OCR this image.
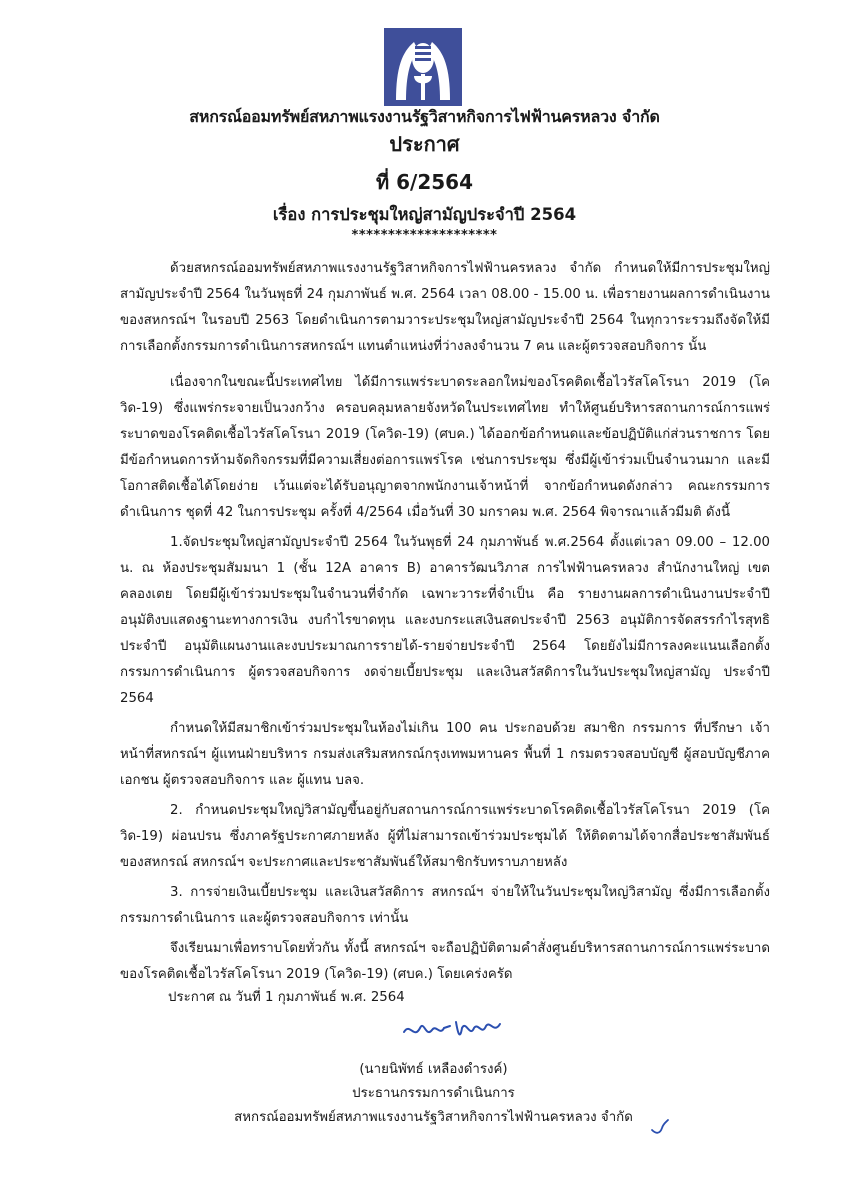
สหกรณ์ออมทรัพย์สหภาพแรงงานรัฐวิสาหกิจการไฟฟ้านครหลวง จำกัด
ประกาศ
ที่ 6/2564
เรื่อง การประชุมใหญ่สามัญประจำปี 2564
********************

ด้วยสหกรณ์ออมทรัพย์สหภาพแรงงานรัฐวิสาหกิจการไฟฟ้านครหลวง จำกัด กำหนดให้มีการประชุมใหญ่สามัญประจำปี 2564 ในวันพุธที่ 24 กุมภาพันธ์ พ.ศ. 2564 เวลา 08.00 - 15.00 น. เพื่อรายงานผลการดำเนินงานของสหกรณ์ฯ ในรอบปี 2563 โดยดำเนินการตามวาระประชุมใหญ่สามัญประจำปี 2564 ในทุกวาระรวมถึงจัดให้มีการเลือกตั้งกรรมการดำเนินการสหกรณ์ฯ แทนตำแหน่งที่ว่างลงจำนวน 7 คน และผู้ตรวจสอบกิจการ นั้น

เนื่องจากในขณะนี้ประเทศไทย ได้มีการแพร่ระบาดระลอกใหม่ของโรคติดเชื้อไวรัสโคโรนา 2019 (โควิด-19) ซึ่งแพร่กระจายเป็นวงกว้าง ครอบคลุมหลายจังหวัดในประเทศไทย ทำให้ศูนย์บริหารสถานการณ์การแพร่ระบาดของโรคติดเชื้อไวรัสโคโรนา 2019 (โควิด-19) (ศบค.) ได้ออกข้อกำหนดและข้อปฏิบัติแก่ส่วนราชการ โดยมีข้อกำหนดการห้ามจัดกิจกรรมที่มีความเสี่ยงต่อการแพร่โรค เช่นการประชุม ซึ่งมีผู้เข้าร่วมเป็นจำนวนมาก และมีโอกาสติดเชื้อได้โดยง่าย เว้นแต่จะได้รับอนุญาตจากพนักงานเจ้าหน้าที่ จากข้อกำหนดดังกล่าว คณะกรรมการดำเนินการ ชุดที่ 42 ในการประชุม ครั้งที่ 4/2564 เมื่อวันที่ 30 มกราคม พ.ศ. 2564 พิจารณาแล้วมีมติ ดังนี้

1.จัดประชุมใหญ่สามัญประจำปี 2564 ในวันพุธที่ 24 กุมภาพันธ์ พ.ศ.2564 ตั้งแต่เวลา 09.00 – 12.00 น. ณ ห้องประชุมสัมมนา 1 (ชั้น 12A อาคาร B) อาคารวัฒนวิภาส การไฟฟ้านครหลวง สำนักงานใหญ่ เขตคลองเตย โดยมีผู้เข้าร่วมประชุมในจำนวนที่จำกัด เฉพาะวาระที่จำเป็น คือ รายงานผลการดำเนินงานประจำปี อนุมัติงบแสดงฐานะทางการเงิน งบกำไรขาดทุน และงบกระแสเงินสดประจำปี 2563 อนุมัติการจัดสรรกำไรสุทธิประจำปี อนุมัติแผนงานและงบประมาณการรายได้-รายจ่ายประจำปี 2564 โดยยังไม่มีการลงคะแนนเลือกตั้งกรรมการดำเนินการ ผู้ตรวจสอบกิจการ งดจ่ายเบี้ยประชุม และเงินสวัสดิการในวันประชุมใหญ่สามัญ ประจำปี 2564

กำหนดให้มีสมาชิกเข้าร่วมประชุมในห้องไม่เกิน 100 คน ประกอบด้วย สมาชิก กรรมการ ที่ปรึกษา เจ้าหน้าที่สหกรณ์ฯ ผู้แทนฝ่ายบริหาร กรมส่งเสริมสหกรณ์กรุงเทพมหานคร พื้นที่ 1 กรมตรวจสอบบัญชี ผู้สอบบัญชีภาคเอกชน ผู้ตรวจสอบกิจการ และ ผู้แทน บลจ.

2. กำหนดประชุมใหญ่วิสามัญขึ้นอยู่กับสถานการณ์การแพร่ระบาดโรคติดเชื้อไวรัสโคโรนา 2019 (โควิด-19) ผ่อนปรน ซึ่งภาครัฐประกาศภายหลัง ผู้ที่ไม่สามารถเข้าร่วมประชุมได้ ให้ติดตามได้จากสื่อประชาสัมพันธ์ของสหกรณ์ สหกรณ์ฯ จะประกาศและประชาสัมพันธ์ให้สมาชิกรับทราบภายหลัง

3. การจ่ายเงินเบี้ยประชุม และเงินสวัสดิการ สหกรณ์ฯ จ่ายให้ในวันประชุมใหญ่วิสามัญ ซึ่งมีการเลือกตั้งกรรมการดำเนินการ และผู้ตรวจสอบกิจการ เท่านั้น

จึงเรียนมาเพื่อทราบโดยทั่วกัน ทั้งนี้ สหกรณ์ฯ จะถือปฏิบัติตามคำสั่งศูนย์บริหารสถานการณ์การแพร่ระบาดของโรคติดเชื้อไวรัสโคโรนา 2019 (โควิด-19) (ศบค.) โดยเคร่งครัด

ประกาศ ณ วันที่ 1 กุมภาพันธ์ พ.ศ. 2564
(นายนิพัทธ์ เหลืองดำรงค์)
ประธานกรรมการดำเนินการ
สหกรณ์ออมทรัพย์สหภาพแรงงานรัฐวิสาหกิจการไฟฟ้านครหลวง จำกัด
